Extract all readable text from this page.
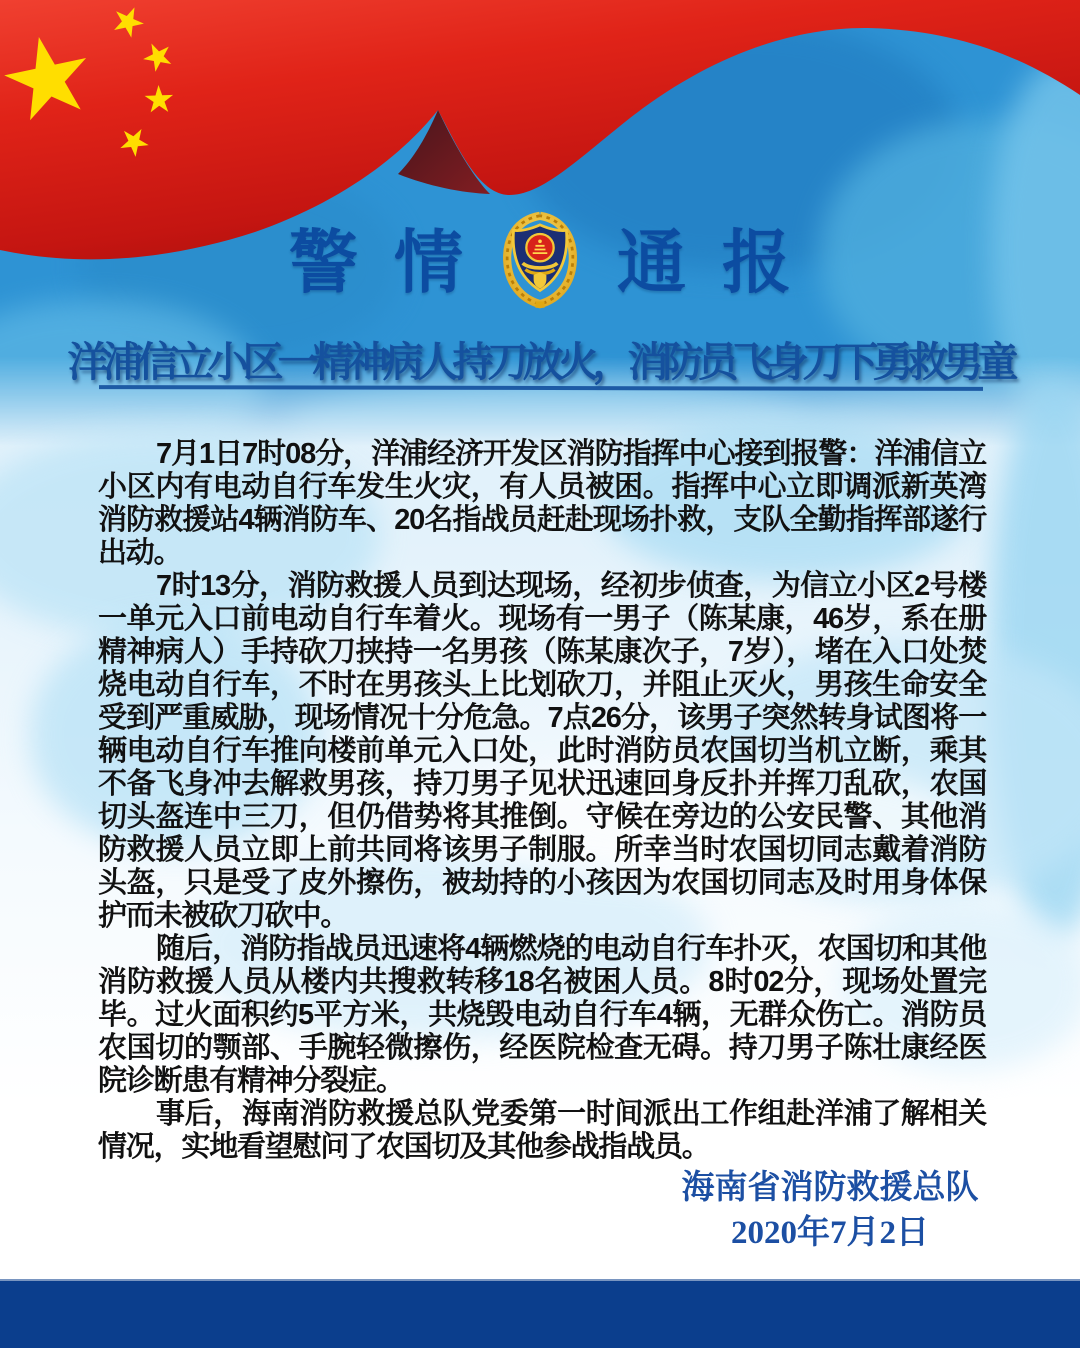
警 情 通 报
洋浦信立小区一精神病人持刀放火，消防员飞身刀下勇救男童

7月1日7时08分，洋浦经济开发区消防指挥中心接到报警：洋浦信立小区内有电动自行车发生火灾，有人员被困。指挥中心立即调派新英湾消防救援站4辆消防车、20名指战员赶赴现场扑救，支队全勤指挥部遂行出动。

7时13分，消防救援人员到达现场，经初步侦查，为信立小区2号楼一单元入口前电动自行车着火。现场有一男子（陈某康，46岁，系在册精神病人）手持砍刀挟持一名男孩（陈某康次子，7岁），堵在入口处焚烧电动自行车，不时在男孩头上比划砍刀，并阻止灭火，男孩生命安全受到严重威胁，现场情况十分危急。7点26分，该男子突然转身试图将一辆电动自行车推向楼前单元入口处，此时消防员农国切当机立断，乘其不备飞身冲去解救男孩，持刀男子见状迅速回身反扑并挥刀乱砍，农国切头盔连中三刀，但仍借势将其推倒。守候在旁边的公安民警、其他消防救援人员立即上前共同将该男子制服。所幸当时农国切同志戴着消防头盔，只是受了皮外擦伤，被劫持的小孩因为农国切同志及时用身体保护而未被砍刀砍中。

随后，消防指战员迅速将4辆燃烧的电动自行车扑灭，农国切和其他消防救援人员从楼内共搜救转移18名被困人员。8时02分，现场处置完毕。过火面积约5平方米，共烧毁电动自行车4辆，无群众伤亡。消防员农国切的颚部、手腕轻微擦伤，经医院检查无碍。持刀男子陈壮康经医院诊断患有精神分裂症。

事后，海南消防救援总队党委第一时间派出工作组赴洋浦了解相关情况，实地看望慰问了农国切及其他参战指战员。

海南省消防救援总队
2020年7月2日
